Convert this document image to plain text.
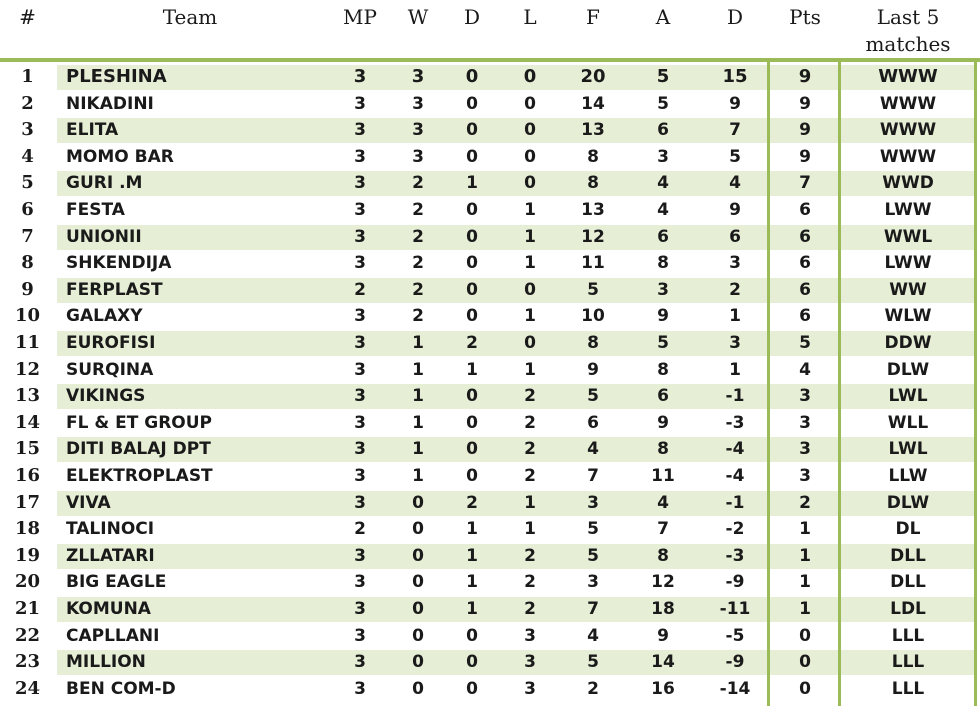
#	Team	MP	W	D	L	F	A	D	Pts	Last 5
matches
1	PLESHINA	3	3	0	0	20	5	15	9	WWW
2	NIKADINI	3	3	0	0	14	5	9	9	WWW
3	ELITA	3	3	0	0	13	6	7	9	WWW
4	MOMO BAR	3	3	0	0	8	3	5	9	WWW
5	GURI .M	3	2	1	0	8	4	4	7	WWD
6	FESTA	3	2	0	1	13	4	9	6	LWW
7	UNIONII	3	2	0	1	12	6	6	6	WWL
8	SHKENDIJA	3	2	0	1	11	8	3	6	LWW
9	FERPLAST	2	2	0	0	5	3	2	6	WW
10	GALAXY	3	2	0	1	10	9	1	6	WLW
11	EUROFISI	3	1	2	0	8	5	3	5	DDW
12	SURQINA	3	1	1	1	9	8	1	4	DLW
13	VIKINGS	3	1	0	2	5	6	-1	3	LWL
14	FL & ET GROUP	3	1	0	2	6	9	-3	3	WLL
15	DITI BALAJ DPT	3	1	0	2	4	8	-4	3	LWL
16	ELEKTROPLAST	3	1	0	2	7	11	-4	3	LLW
17	VIVA	3	0	2	1	3	4	-1	2	DLW
18	TALINOCI	2	0	1	1	5	7	-2	1	DL
19	ZLLATARI	3	0	1	2	5	8	-3	1	DLL
20	BIG EAGLE	3	0	1	2	3	12	-9	1	DLL
21	KOMUNA	3	0	1	2	7	18	-11	1	LDL
22	CAPLLANI	3	0	0	3	4	9	-5	0	LLL
23	MILLION	3	0	0	3	5	14	-9	0	LLL
24	BEN COM-D	3	0	0	3	2	16	-14	0	LLL
